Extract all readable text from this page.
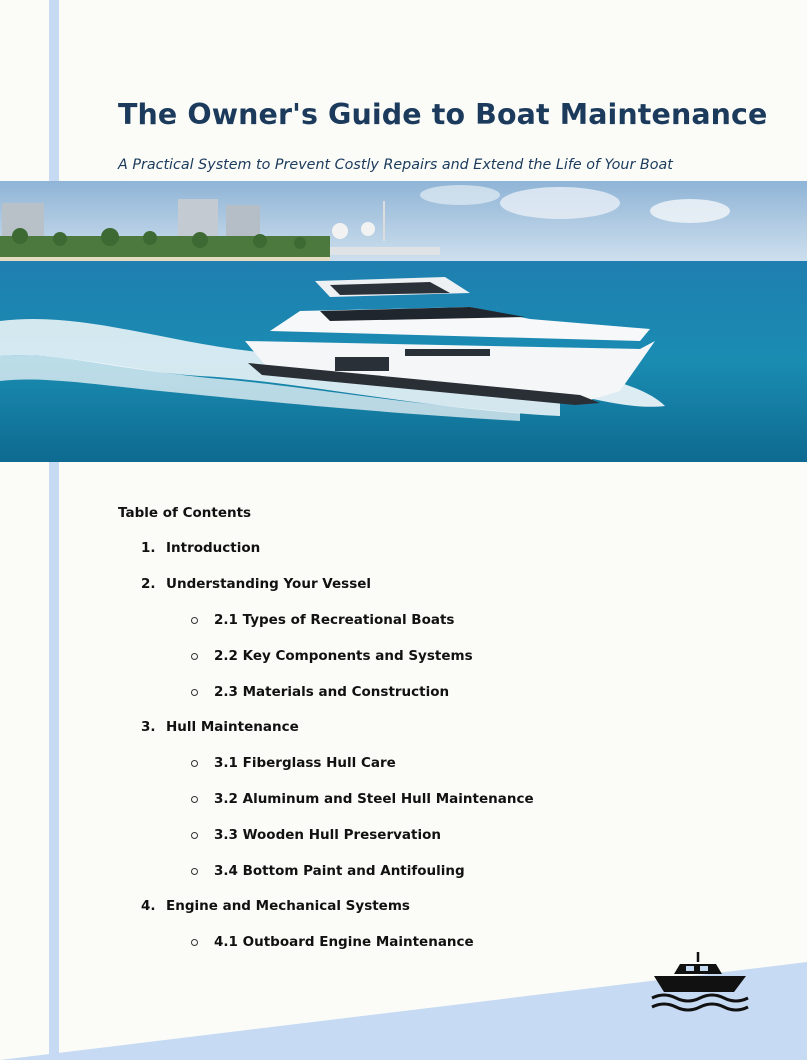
The Owner's Guide to Boat Maintenance

A Practical System to Prevent Costly Repairs and Extend the Life of Your Boat

Table of Contents
1. Introduction
2. Understanding Your Vessel
2.1 Types of Recreational Boats
2.2 Key Components and Systems
2.3 Materials and Construction
3. Hull Maintenance
3.1 Fiberglass Hull Care
3.2 Aluminum and Steel Hull Maintenance
3.3 Wooden Hull Preservation
3.4 Bottom Paint and Antifouling
4. Engine and Mechanical Systems
4.1 Outboard Engine Maintenance
